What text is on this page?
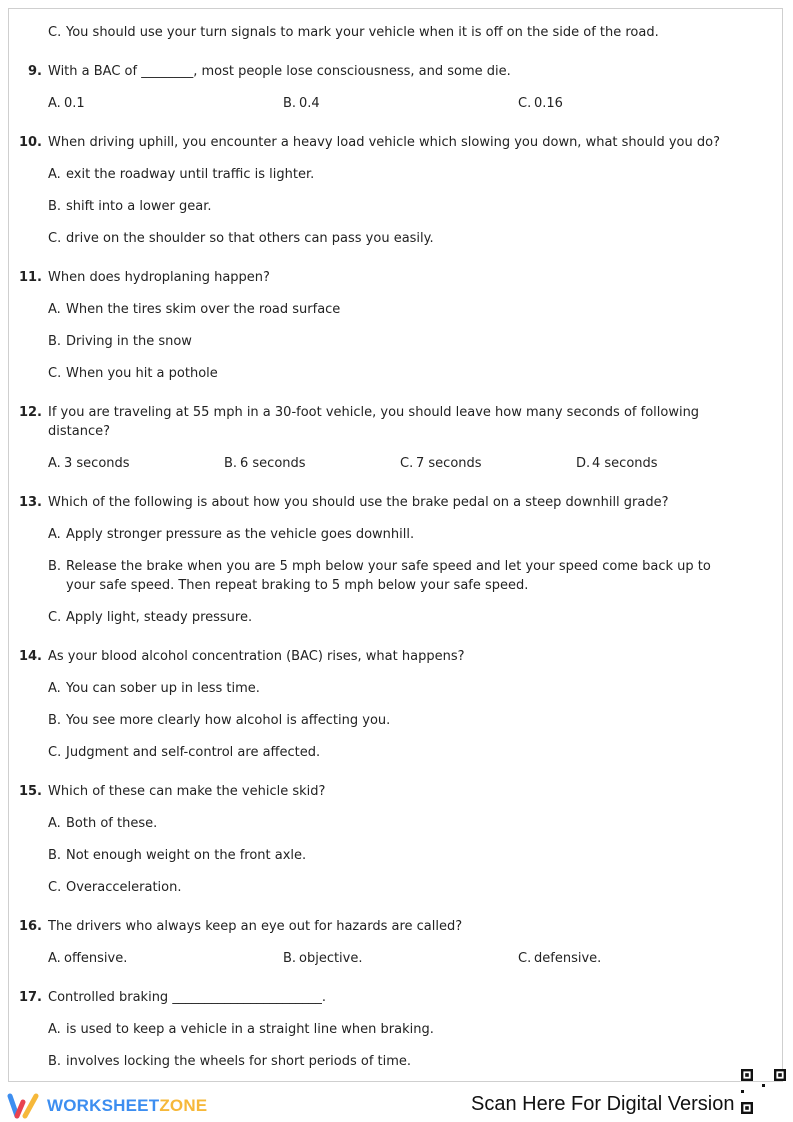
C. You should use your turn signals to mark your vehicle when it is off on the side of the road.
9. With a BAC of ________, most people lose consciousness, and some die.
A. 0.1	B. 0.4	C. 0.16
10. When driving uphill, you encounter a heavy load vehicle which slowing you down, what should you do?
A. exit the roadway until traffic is lighter.
B. shift into a lower gear.
C. drive on the shoulder so that others can pass you easily.
11. When does hydroplaning happen?
A. When the tires skim over the road surface
B. Driving in the snow
C. When you hit a pothole
12. If you are traveling at 55 mph in a 30-foot vehicle, you should leave how many seconds of following distance?
A. 3 seconds	B. 6 seconds	C. 7 seconds	D. 4 seconds
13. Which of the following is about how you should use the brake pedal on a steep downhill grade?
A. Apply stronger pressure as the vehicle goes downhill.
B. Release the brake when you are 5 mph below your safe speed and let your speed come back up to your safe speed. Then repeat braking to 5 mph below your safe speed.
C. Apply light, steady pressure.
14. As your blood alcohol concentration (BAC) rises, what happens?
A. You can sober up in less time.
B. You see more clearly how alcohol is affecting you.
C. Judgment and self-control are affected.
15. Which of these can make the vehicle skid?
A. Both of these.
B. Not enough weight on the front axle.
C. Overacceleration.
16. The drivers who always keep an eye out for hazards are called?
A. offensive.	B. objective.	C. defensive.
17. Controlled braking _______________________.
A. is used to keep a vehicle in a straight line when braking.
B. involves locking the wheels for short periods of time.
WORKSHEETZONE	Scan Here For Digital Version
